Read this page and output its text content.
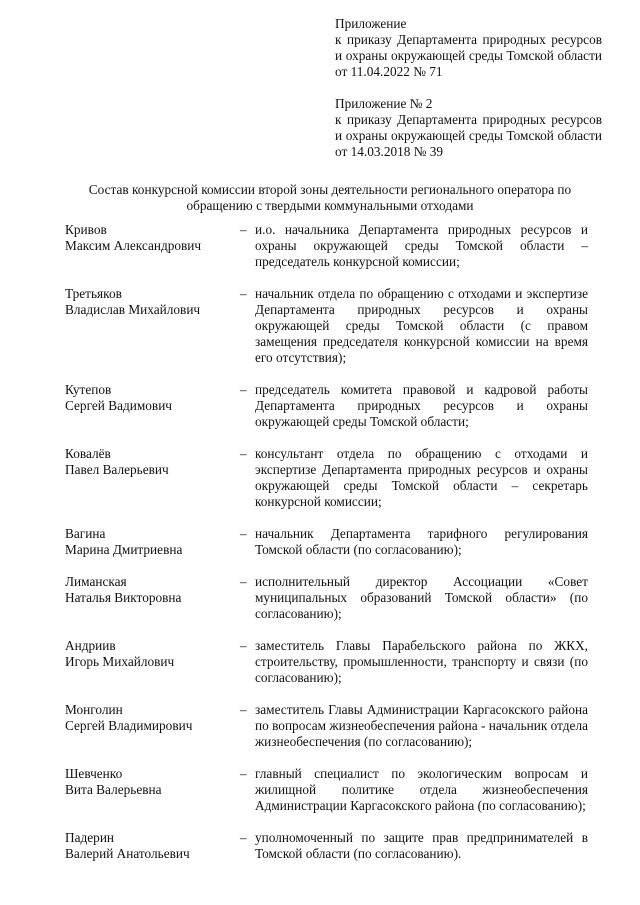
Приложение
к приказу Департамента природных ресурсов и охраны окружающей среды Томской области от 11.04.2022 № 71
Приложение № 2
к приказу Департамента природных ресурсов и охраны окружающей среды Томской области от 14.03.2018 № 39
Состав конкурсной комиссии второй зоны деятельности регионального оператора по обращению с твердыми коммунальными отходами
Кривов
Максим Александрович
– и.о. начальника Департамента природных ресурсов и охраны окружающей среды Томской области – председатель конкурсной комиссии;
Третьяков
Владислав Михайлович
– начальник отдела по обращению с отходами и экспертизе Департамента природных ресурсов и охраны окружающей среды Томской области (с правом замещения председателя конкурсной комиссии на время его отсутствия);
Кутепов
Сергей Вадимович
– председатель комитета правовой и кадровой работы Департамента природных ресурсов и охраны окружающей среды Томской области;
Ковалёв
Павел Валерьевич
– консультант отдела по обращению с отходами и экспертизе Департамента природных ресурсов и охраны окружающей среды Томской области – секретарь конкурсной комиссии;
Вагина
Марина Дмитриевна
– начальник Департамента тарифного регулирования Томской области (по согласованию);
Лиманская
Наталья Викторовна
– исполнительный директор Ассоциации «Совет муниципальных образований Томской области» (по согласованию);
Андриив
Игорь Михайлович
– заместитель Главы Парабельского района по ЖКХ, строительству, промышленности, транспорту и связи (по согласованию);
Монголин
Сергей Владимирович
– заместитель Главы Администрации Каргасокского района по вопросам жизнеобеспечения района - начальник отдела жизнеобеспечения (по согласованию);
Шевченко
Вита Валерьевна
– главный специалист по экологическим вопросам и жилищной политике отдела жизнеобеспечения Администрации Каргасокского района (по согласованию);
Падерин
Валерий Анатольевич
– уполномоченный по защите прав предпринимателей в Томской области (по согласованию).
